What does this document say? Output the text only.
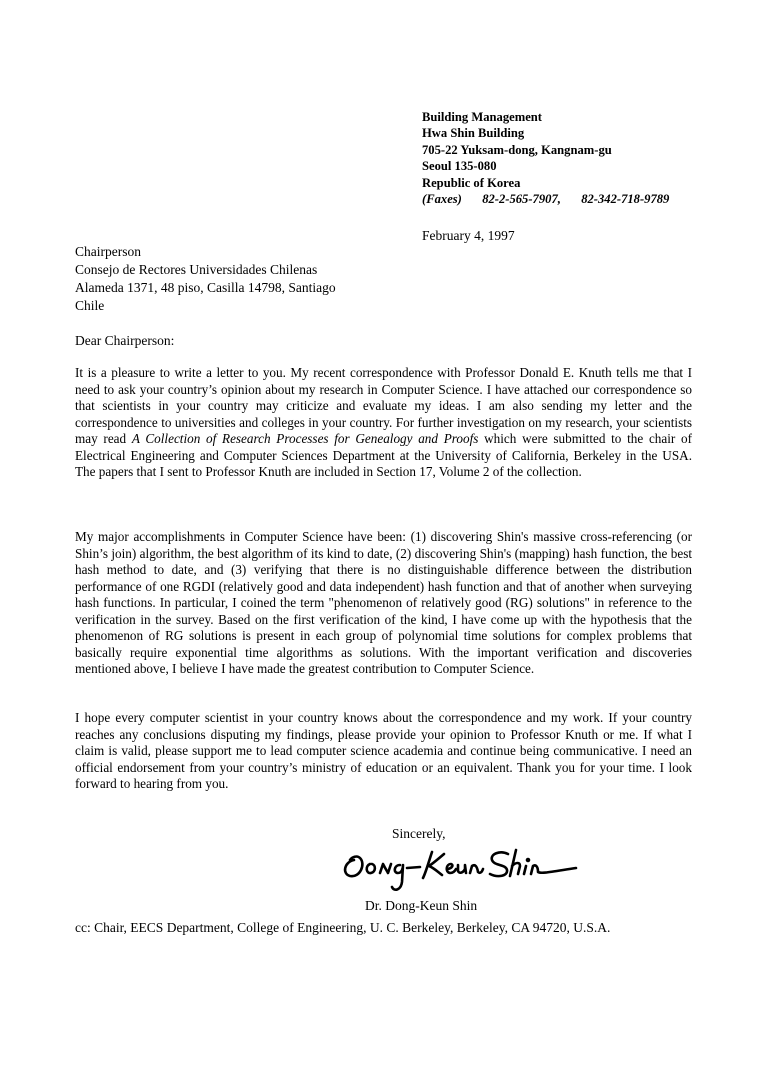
Building Management
Hwa Shin Building
705-22 Yuksam-dong, Kangnam-gu
Seoul 135-080
Republic of Korea
(Faxes) 82-2-565-7907, 82-342-718-9789
February 4, 1997
Chairperson
Consejo de Rectores Universidades Chilenas
Alameda 1371, 48 piso, Casilla 14798, Santiago
Chile
Dear Chairperson:
It is a pleasure to write a letter to you. My recent correspondence with Professor Donald E. Knuth tells me that I need to ask your country’s opinion about my research in Computer Science. I have attached our correspondence so that scientists in your country may criticize and evaluate my ideas. I am also sending my letter and the correspondence to universities and colleges in your country. For further investigation on my research, your scientists may read A Collection of Research Processes for Genealogy and Proofs which were submitted to the chair of Electrical Engineering and Computer Sciences Department at the University of California, Berkeley in the USA. The papers that I sent to Professor Knuth are included in Section 17, Volume 2 of the collection.
My major accomplishments in Computer Science have been: (1) discovering Shin's massive cross-referencing (or Shin’s join) algorithm, the best algorithm of its kind to date, (2) discovering Shin's (mapping) hash function, the best hash method to date, and (3) verifying that there is no distinguishable difference between the distribution performance of one RGDI (relatively good and data independent) hash function and that of another when surveying hash functions. In particular, I coined the term "phenomenon of relatively good (RG) solutions" in reference to the verification in the survey. Based on the first verification of the kind, I have come up with the hypothesis that the phenomenon of RG solutions is present in each group of polynomial time solutions for complex problems that basically require exponential time algorithms as solutions. With the important verification and discoveries mentioned above, I believe I have made the greatest contribution to Computer Science.
I hope every computer scientist in your country knows about the correspondence and my work. If your country reaches any conclusions disputing my findings, please provide your opinion to Professor Knuth or me. If what I claim is valid, please support me to lead computer science academia and continue being communicative. I need an official endorsement from your country’s ministry of education or an equivalent. Thank you for your time. I look forward to hearing from you.
Sincerely,
Dr. Dong-Keun Shin
cc: Chair, EECS Department, College of Engineering, U. C. Berkeley, Berkeley, CA 94720, U.S.A.
